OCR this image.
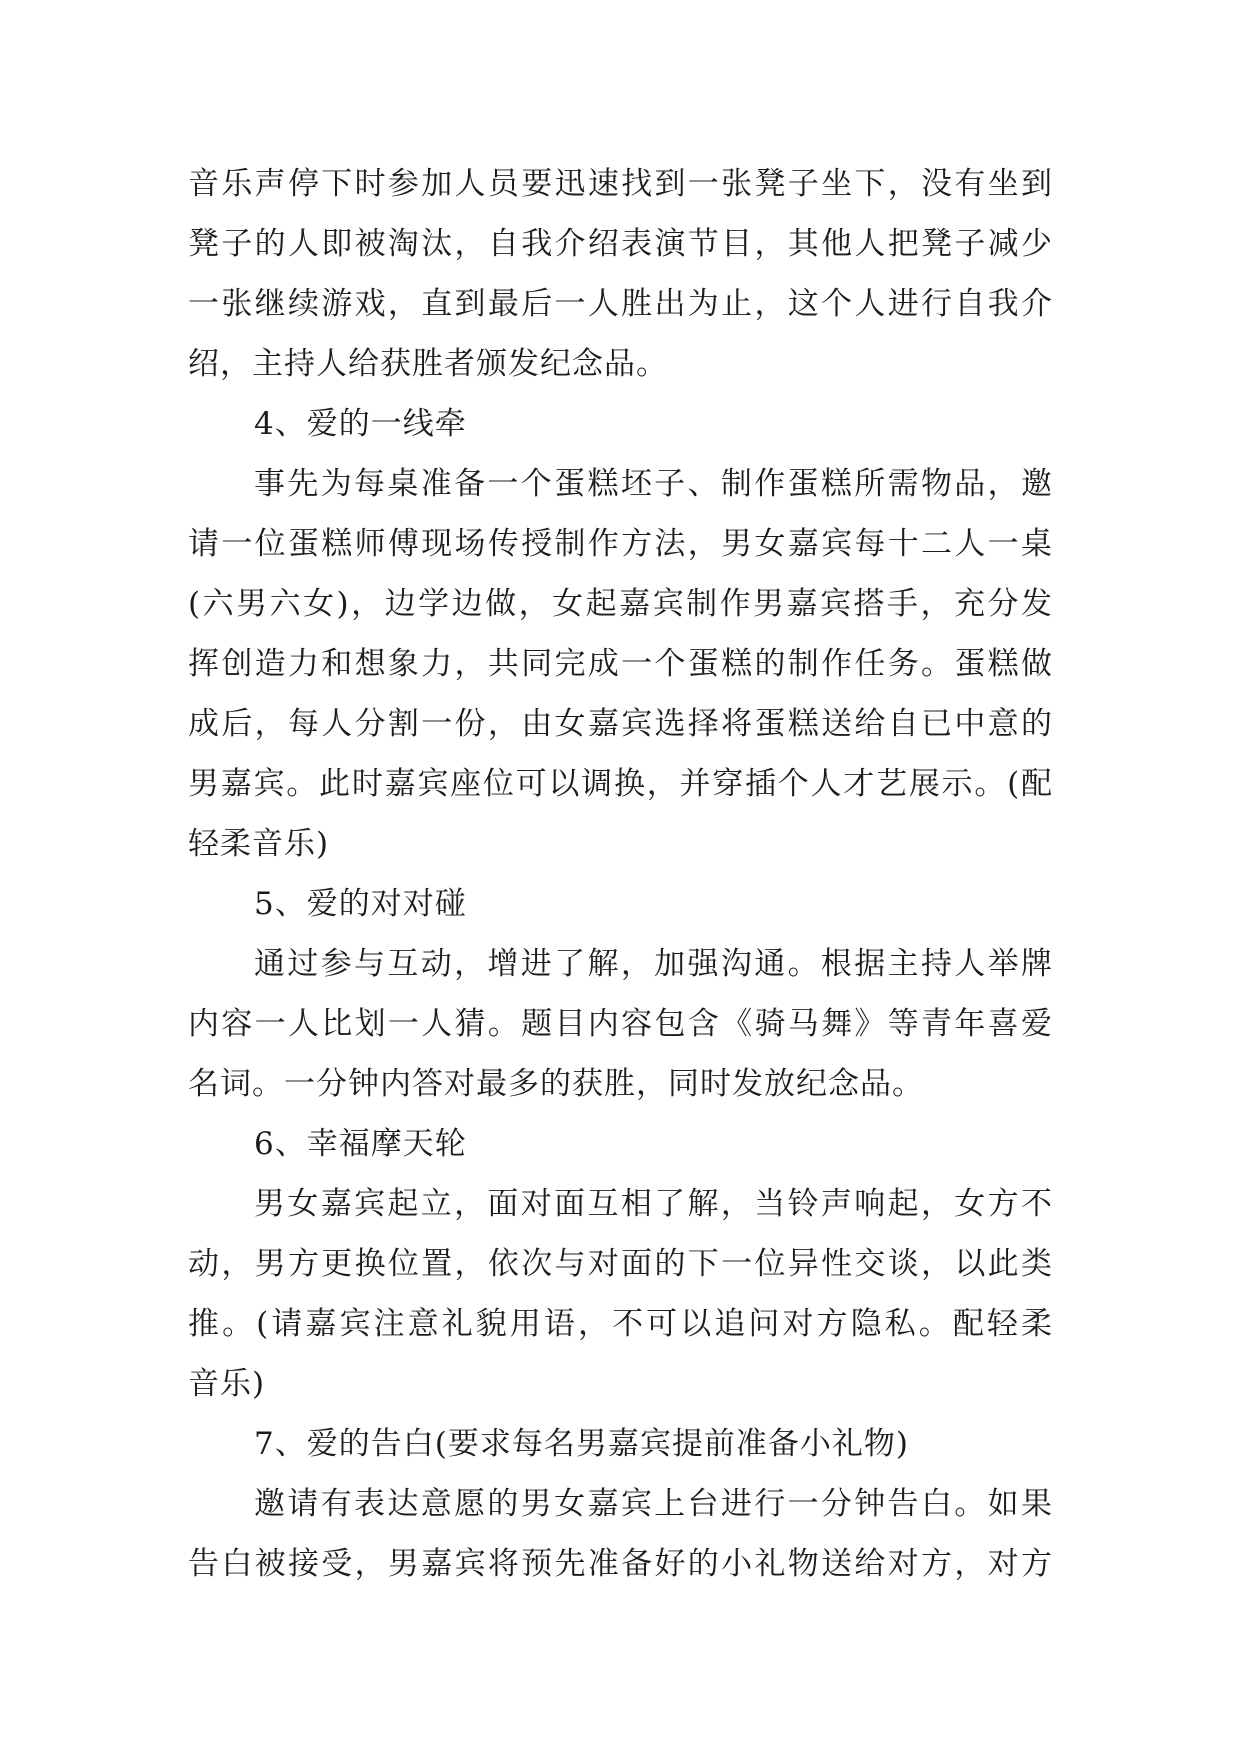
音乐声停下时参加人员要迅速找到一张凳子坐下，没有坐到
凳子的人即被淘汰，自我介绍表演节目，其他人把凳子减少
一张继续游戏，直到最后一人胜出为止，这个人进行自我介
绍，主持人给获胜者颁发纪念品。
4、爱的一线牵
事先为每桌准备一个蛋糕坯子、制作蛋糕所需物品，邀
请一位蛋糕师傅现场传授制作方法，男女嘉宾每十二人一桌
(六男六女)，边学边做，女起嘉宾制作男嘉宾搭手，充分发
挥创造力和想象力，共同完成一个蛋糕的制作任务。蛋糕做
成后，每人分割一份，由女嘉宾选择将蛋糕送给自已中意的
男嘉宾。此时嘉宾座位可以调换，并穿插个人才艺展示。(配
轻柔音乐)
5、爱的对对碰
通过参与互动，增进了解，加强沟通。根据主持人举牌
内容一人比划一人猜。题目内容包含《骑马舞》等青年喜爱
名词。一分钟内答对最多的获胜，同时发放纪念品。
6、幸福摩天轮
男女嘉宾起立，面对面互相了解，当铃声响起，女方不
动，男方更换位置，依次与对面的下一位异性交谈，以此类
推。(请嘉宾注意礼貌用语，不可以追问对方隐私。配轻柔
音乐)
7、爱的告白(要求每名男嘉宾提前准备小礼物)
邀请有表达意愿的男女嘉宾上台进行一分钟告白。如果
告白被接受，男嘉宾将预先准备好的小礼物送给对方，对方
